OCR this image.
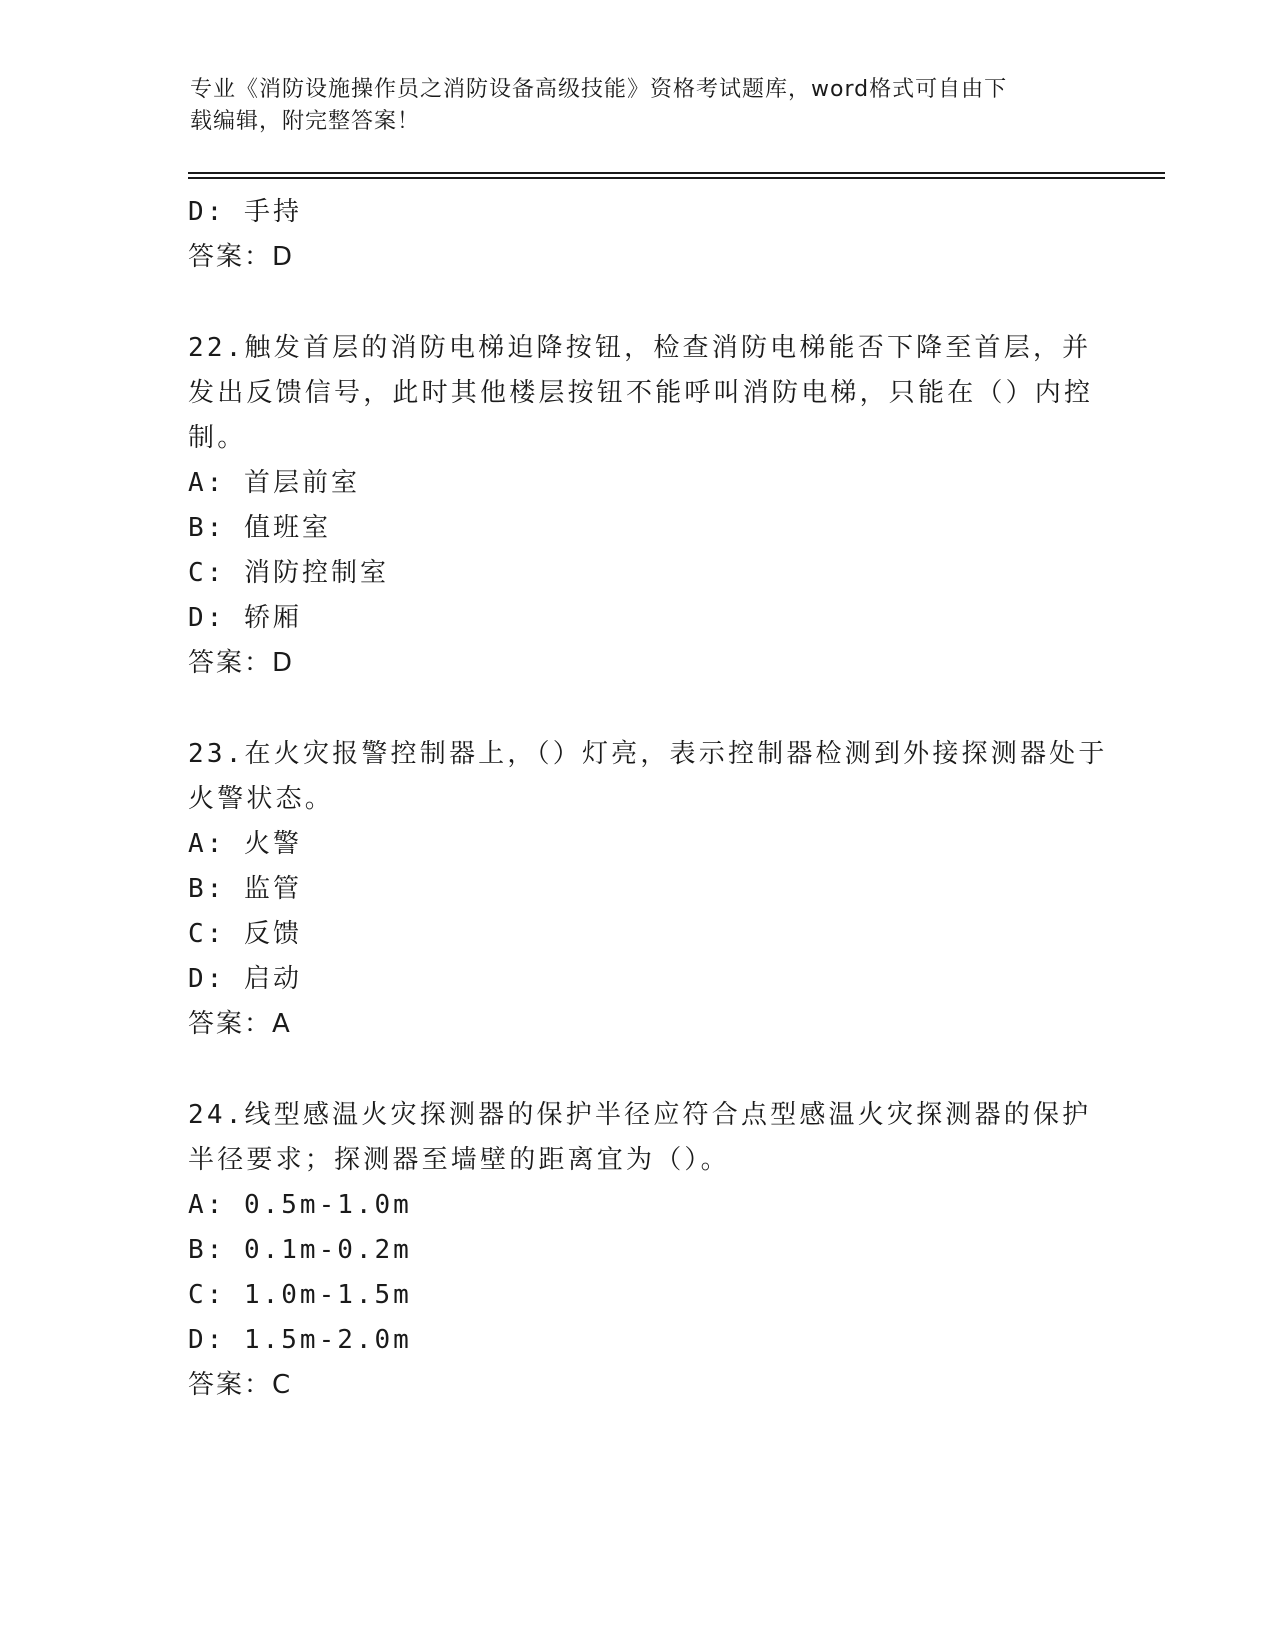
专业《消防设施操作员之消防设备高级技能》资格考试题库，word格式可自由下
载编辑，附完整答案！
D: 手持
答案：D
22.触发首层的消防电梯迫降按钮，检查消防电梯能否下降至首层，并发出反馈信号，此时其他楼层按钮不能呼叫消防电梯，只能在（）内控制。
A: 首层前室
B: 值班室
C: 消防控制室
D: 轿厢
答案：D
23.在火灾报警控制器上，（）灯亮，表示控制器检测到外接探测器处于火警状态。
A: 火警
B: 监管
C: 反馈
D: 启动
答案：A
24.线型感温火灾探测器的保护半径应符合点型感温火灾探测器的保护半径要求；探测器至墙壁的距离宜为（）。
A: 0.5m-1.0m
B: 0.1m-0.2m
C: 1.0m-1.5m
D: 1.5m-2.0m
答案：C
